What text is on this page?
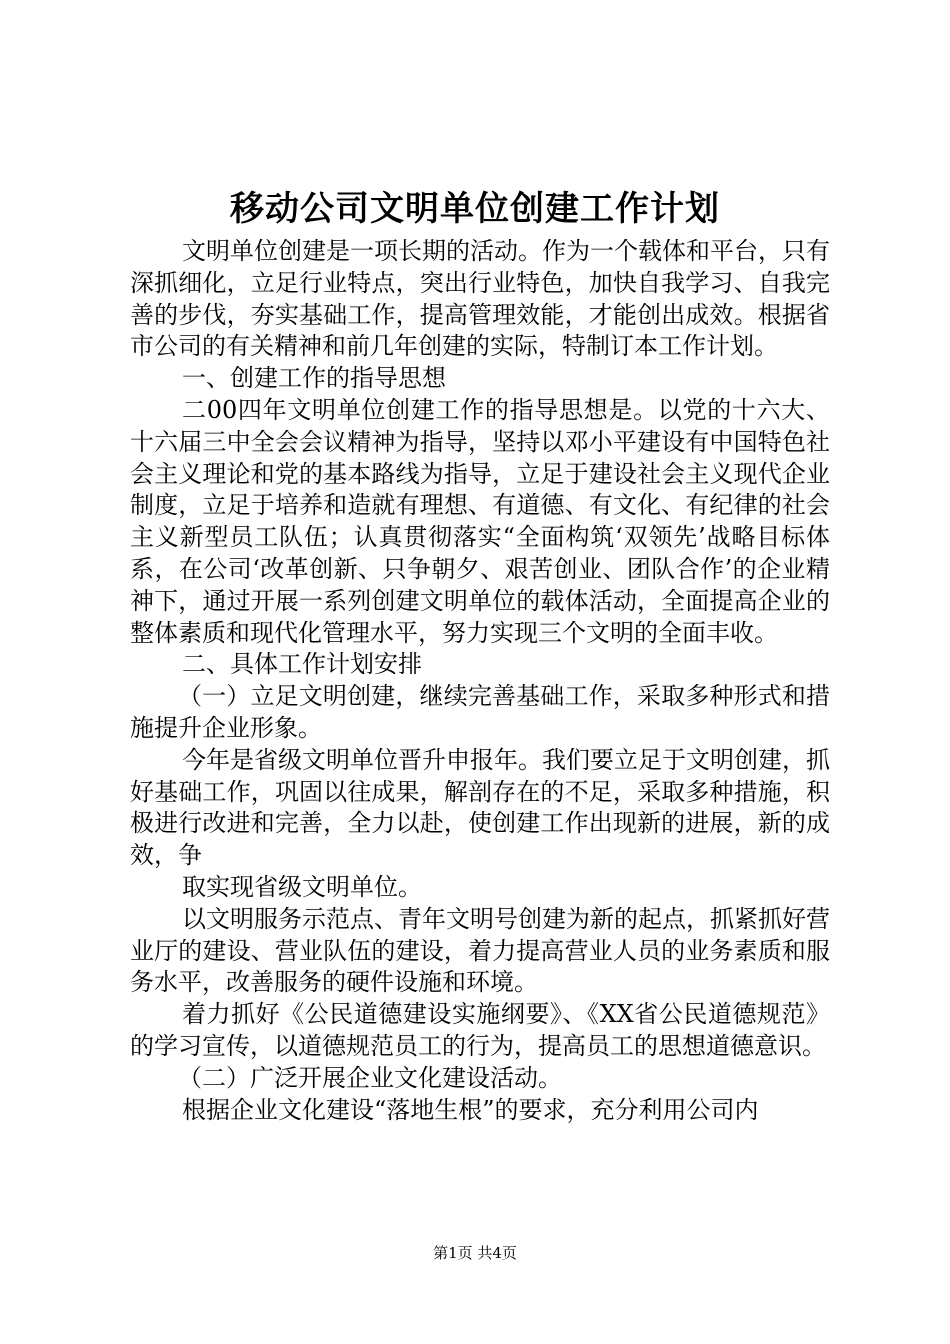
移动公司文明单位创建工作计划

文明单位创建是一项长期的活动。作为一个载体和平台，只有深抓细化，立足行业特点，突出行业特色，加快自我学习、自我完善的步伐，夯实基础工作，提高管理效能，才能创出成效。根据省市公司的有关精神和前几年创建的实际，特制订本工作计划。

一、创建工作的指导思想

二00四年文明单位创建工作的指导思想是。以党的十六大、十六届三中全会会议精神为指导，坚持以邓小平建设有中国特色社会主义理论和党的基本路线为指导，立足于建设社会主义现代企业制度，立足于培养和造就有理想、有道德、有文化、有纪律的社会主义新型员工队伍；认真贯彻落实“全面构筑‘双领先’战略目标体系，在公司‘改革创新、只争朝夕、艰苦创业、团队合作’的企业精神下，通过开展一系列创建文明单位的载体活动，全面提高企业的整体素质和现代化管理水平，努力实现三个文明的全面丰收。

二、具体工作计划安排

（一）立足文明创建，继续完善基础工作，采取多种形式和措施提升企业形象。

今年是省级文明单位晋升申报年。我们要立足于文明创建，抓好基础工作，巩固以往成果，解剖存在的不足，采取多种措施，积极进行改进和完善，全力以赴，使创建工作出现新的进展，新的成效，争

取实现省级文明单位。

以文明服务示范点、青年文明号创建为新的起点，抓紧抓好营业厅的建设、营业队伍的建设，着力提高营业人员的业务素质和服务水平，改善服务的硬件设施和环境。

着力抓好《公民道德建设实施纲要》、《XX省公民道德规范》的学习宣传，以道德规范员工的行为，提高员工的思想道德意识。

（二）广泛开展企业文化建设活动。

根据企业文化建设“落地生根”的要求，充分利用公司内

第1页 共4页
